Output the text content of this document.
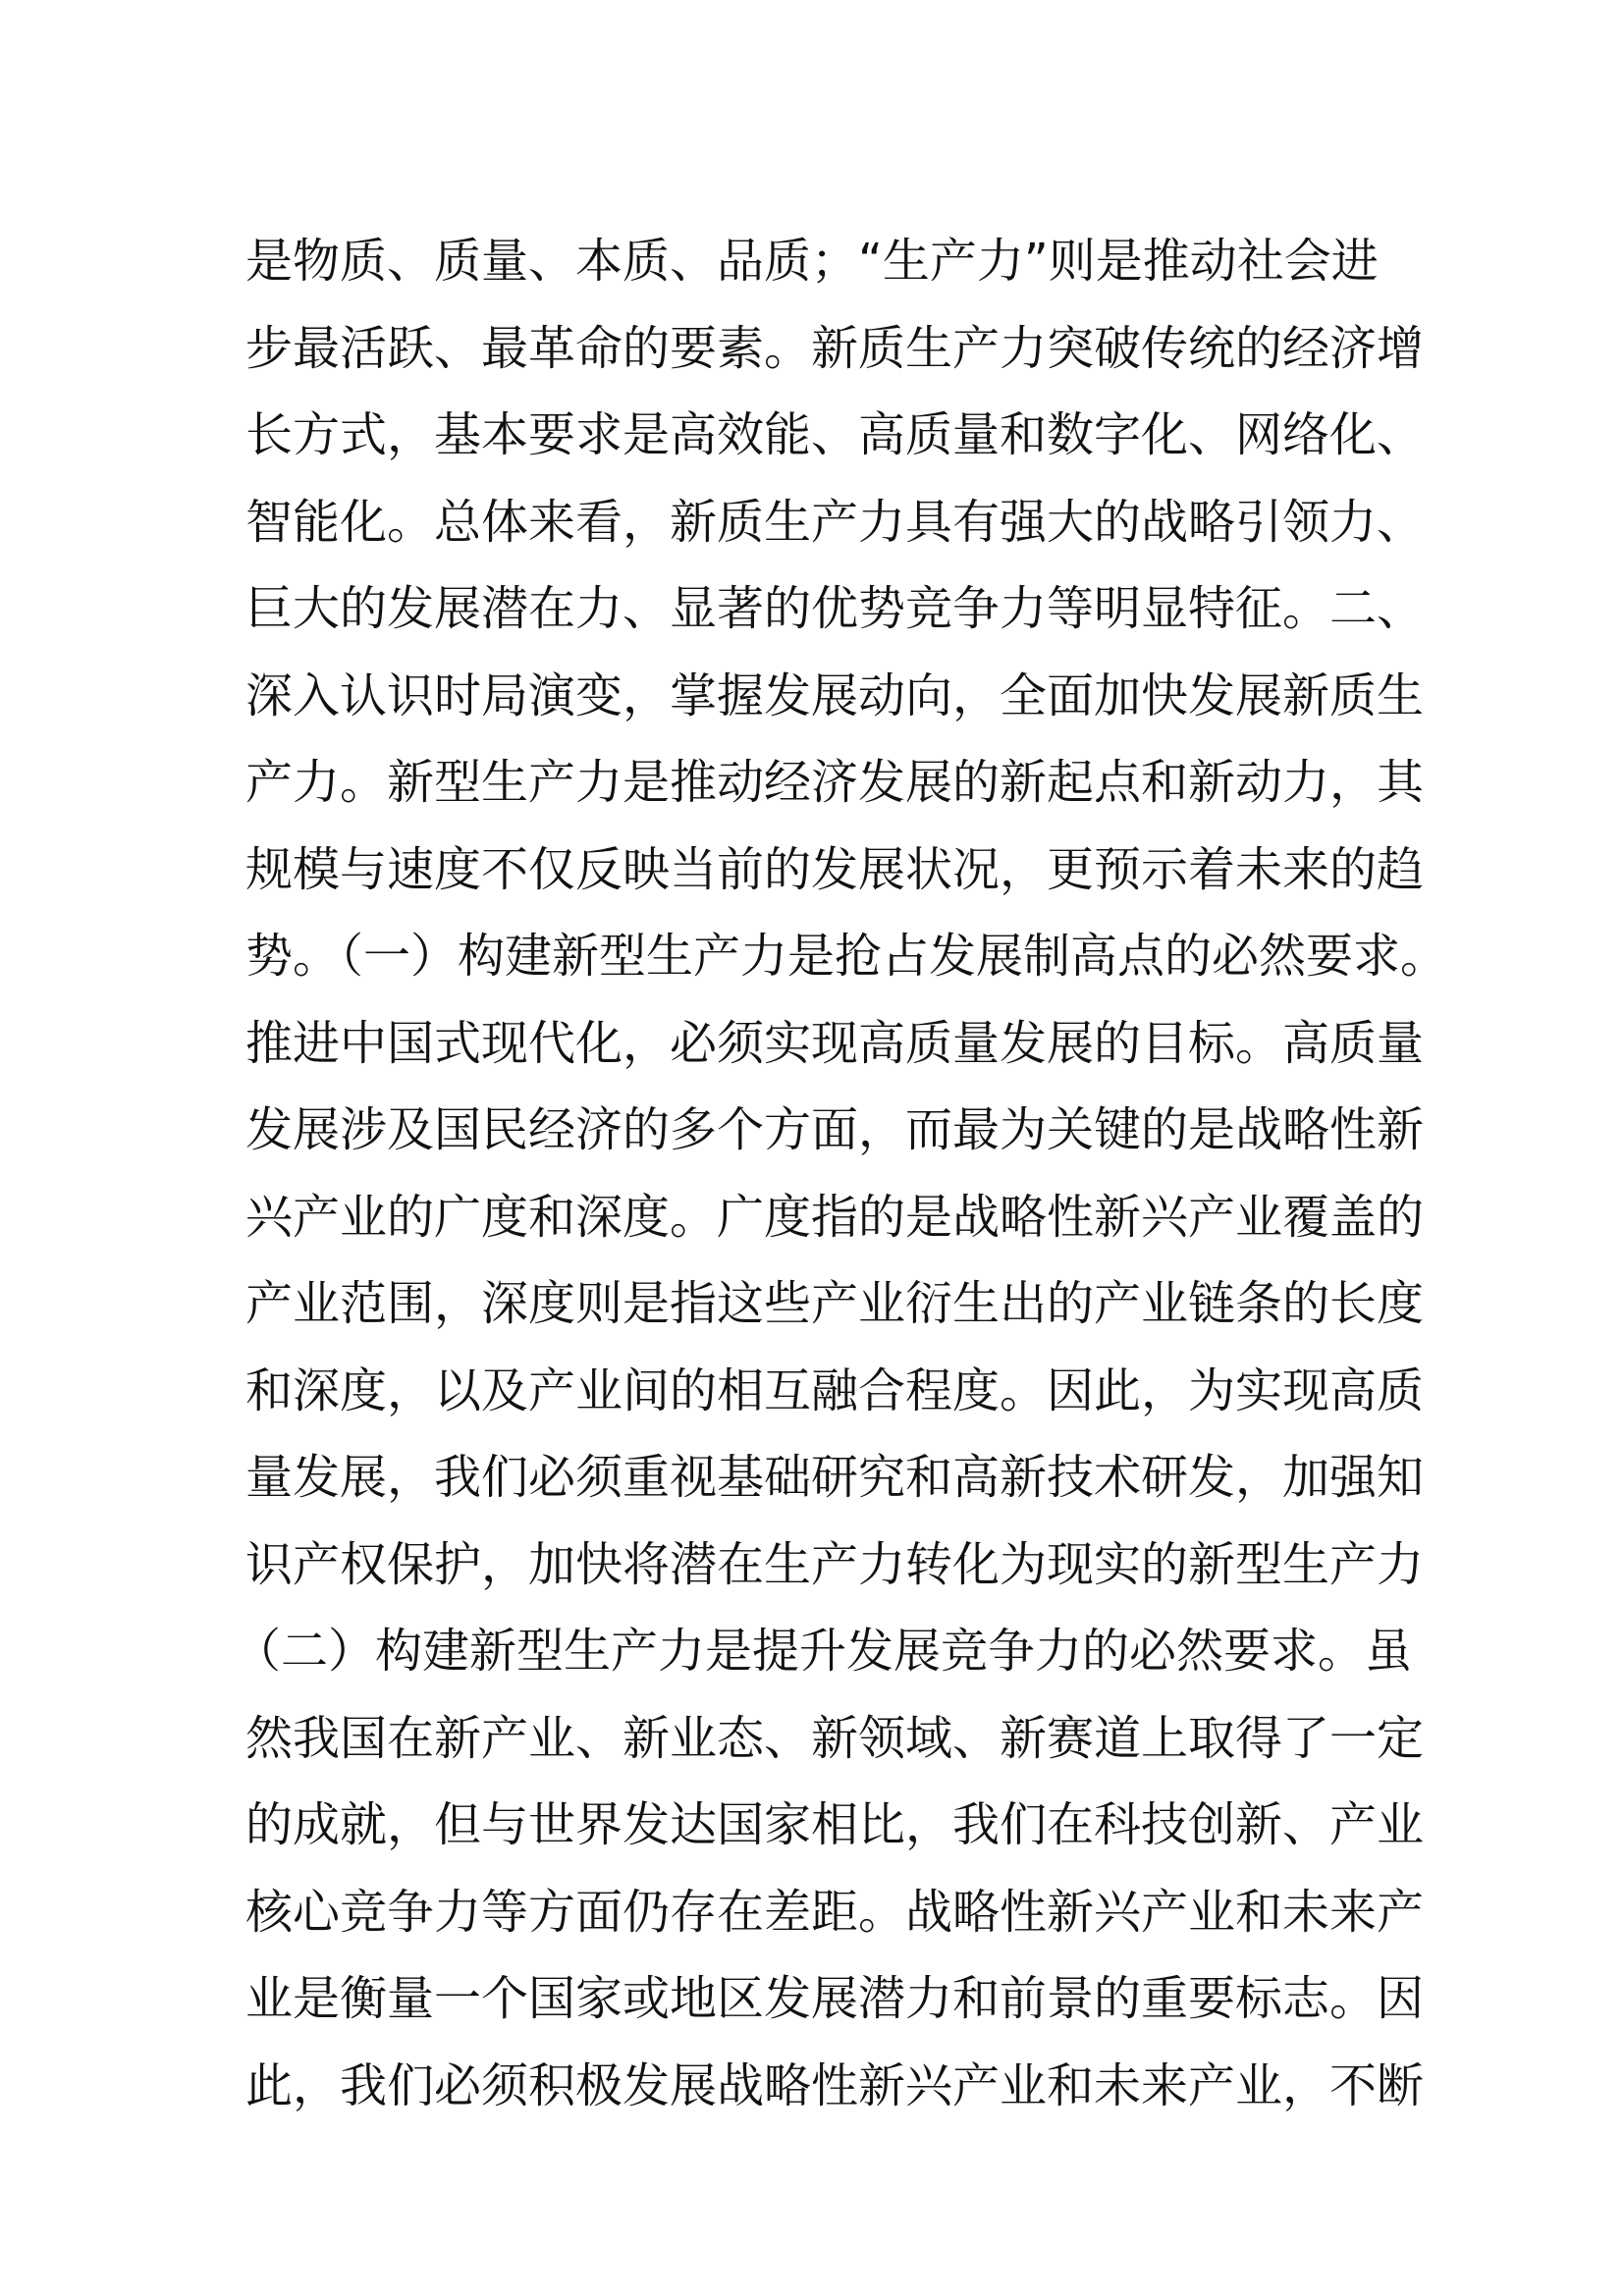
是物质、质量、本质、品质；“生产力”则是推动社会进
步最活跃、最革命的要素。新质生产力突破传统的经济增
长方式，基本要求是高效能、高质量和数字化、网络化、
智能化。总体来看，新质生产力具有强大的战略引领力、
巨大的发展潜在力、显著的优势竞争力等明显特征。二、
深入认识时局演变，掌握发展动向，全面加快发展新质生
产力。新型生产力是推动经济发展的新起点和新动力，其
规模与速度不仅反映当前的发展状况，更预示着未来的趋
势。（一）构建新型生产力是抢占发展制高点的必然要求。
推进中国式现代化，必须实现高质量发展的目标。高质量
发展涉及国民经济的多个方面，而最为关键的是战略性新
兴产业的广度和深度。广度指的是战略性新兴产业覆盖的
产业范围，深度则是指这些产业衍生出的产业链条的长度
和深度，以及产业间的相互融合程度。因此，为实现高质
量发展，我们必须重视基础研究和高新技术研发，加强知
识产权保护，加快将潜在生产力转化为现实的新型生产力
（二）构建新型生产力是提升发展竞争力的必然要求。虽
然我国在新产业、新业态、新领域、新赛道上取得了一定
的成就，但与世界发达国家相比，我们在科技创新、产业
核心竞争力等方面仍存在差距。战略性新兴产业和未来产
业是衡量一个国家或地区发展潜力和前景的重要标志。因
此，我们必须积极发展战略性新兴产业和未来产业，不断
